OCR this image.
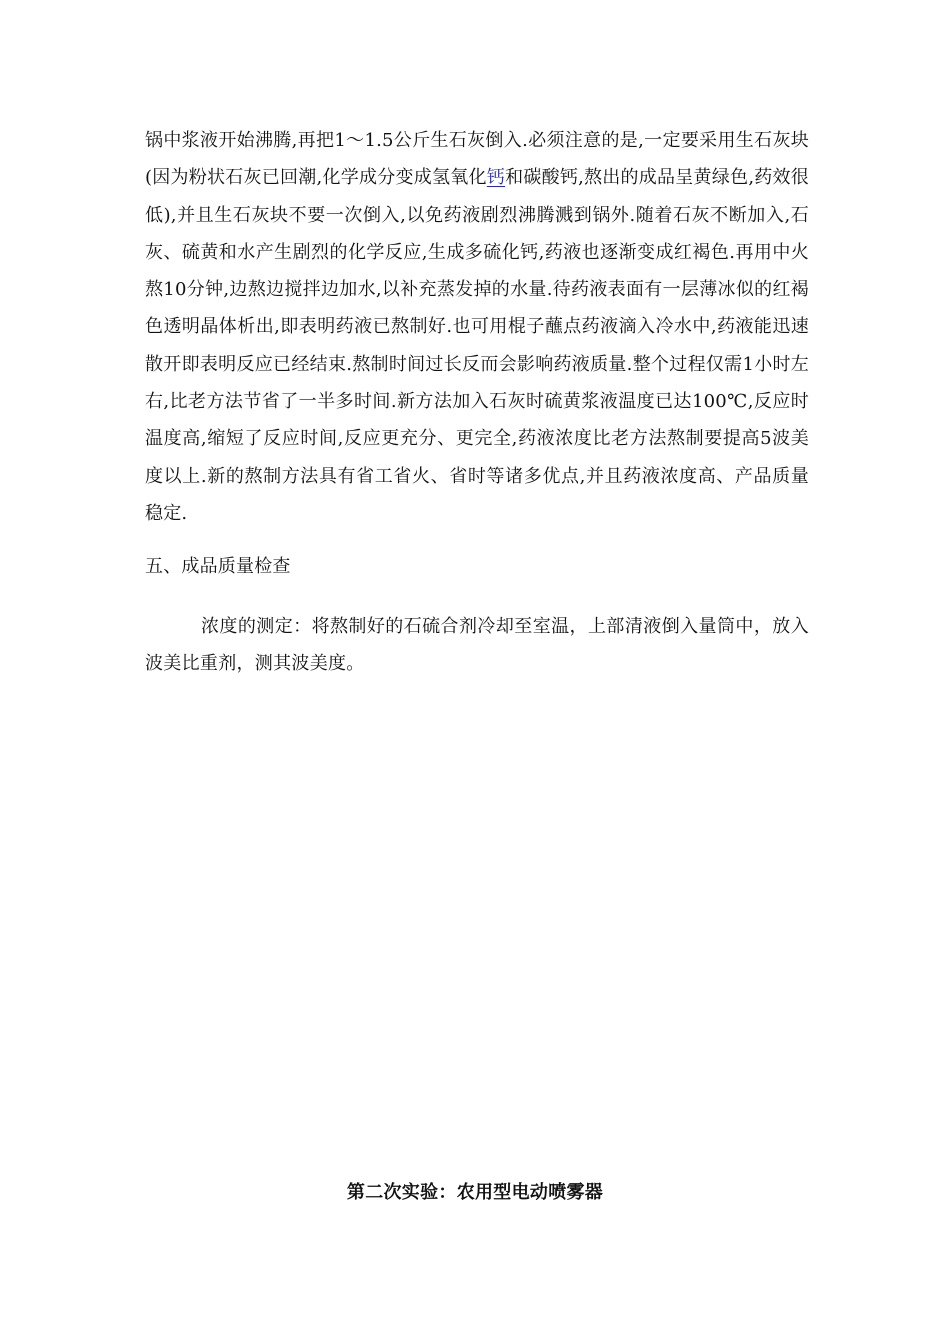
锅中浆液开始沸腾,再把1～1.5公斤生石灰倒入.必须注意的是,一定要采用生石灰块(因为粉状石灰已回潮,化学成分变成氢氧化钙和碳酸钙,熬出的成品呈黄绿色,药效很低),并且生石灰块不要一次倒入,以免药液剧烈沸腾溅到锅外.随着石灰不断加入,石灰、硫黄和水产生剧烈的化学反应,生成多硫化钙,药液也逐渐变成红褐色.再用中火熬10分钟,边熬边搅拌边加水,以补充蒸发掉的水量.待药液表面有一层薄冰似的红褐色透明晶体析出,即表明药液已熬制好.也可用棍子蘸点药液滴入冷水中,药液能迅速散开即表明反应已经结束.熬制时间过长反而会影响药液质量.整个过程仅需1小时左右,比老方法节省了一半多时间.新方法加入石灰时硫黄浆液温度已达100℃,反应时温度高,缩短了反应时间,反应更充分、更完全,药液浓度比老方法熬制要提高5波美度以上.新的熬制方法具有省工省火、省时等诸多优点,并且药液浓度高、产品质量稳定.

五、成品质量检查

浓度的测定：将熬制好的石硫合剂冷却至室温，上部清液倒入量筒中，放入波美比重剂，测其波美度。

第二次实验：农用型电动喷雾器
